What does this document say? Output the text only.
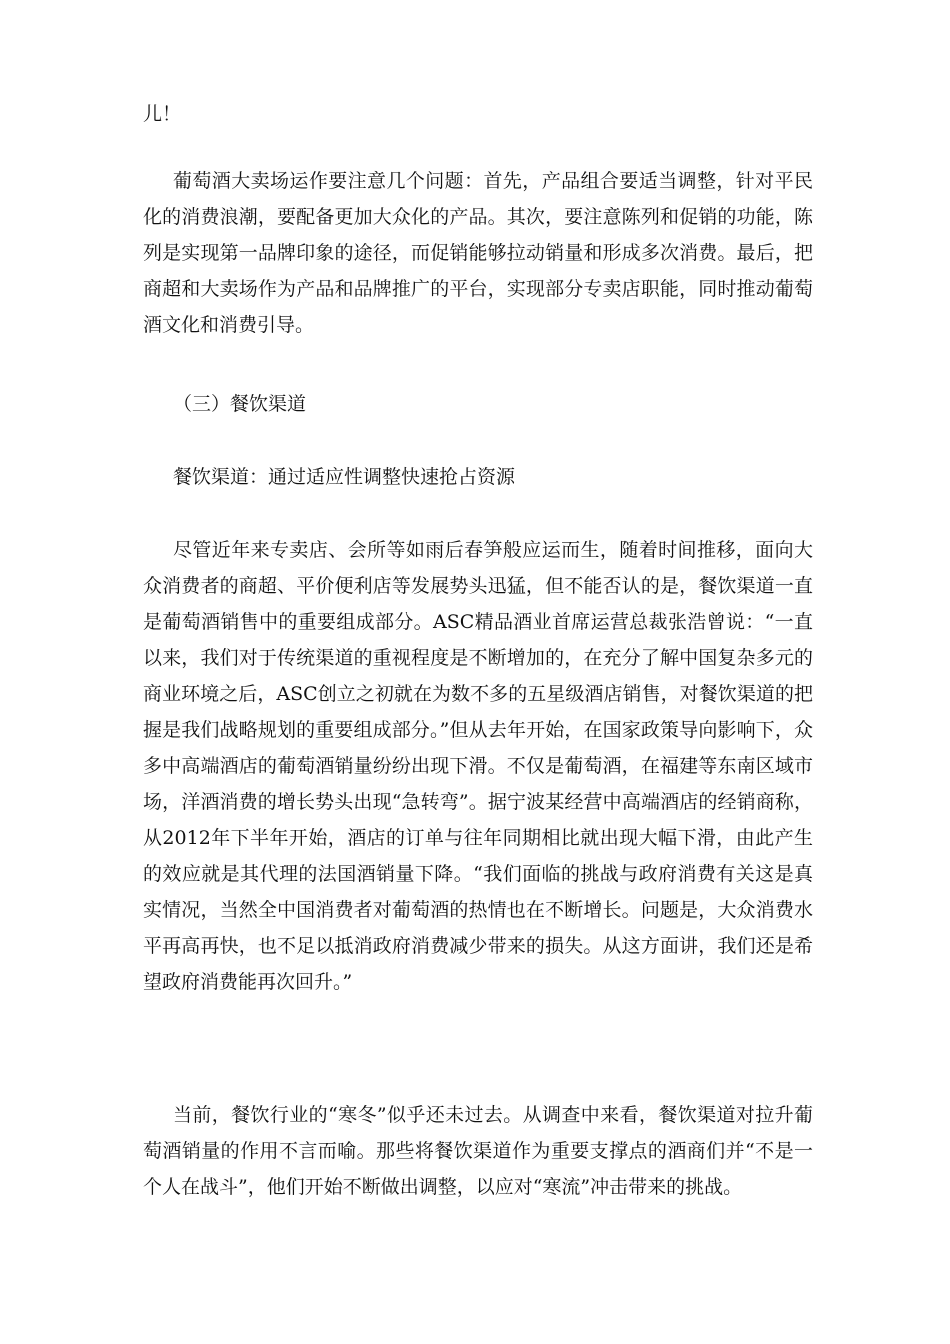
儿！

葡萄酒大卖场运作要注意几个问题：首先，产品组合要适当调整，针对平民化的消费浪潮，要配备更加大众化的产品。其次，要注意陈列和促销的功能，陈列是实现第一品牌印象的途径，而促销能够拉动销量和形成多次消费。最后，把商超和大卖场作为产品和品牌推广的平台，实现部分专卖店职能，同时推动葡萄酒文化和消费引导。

（三）餐饮渠道

餐饮渠道：通过适应性调整快速抢占资源

尽管近年来专卖店、会所等如雨后春笋般应运而生，随着时间推移，面向大众消费者的商超、平价便利店等发展势头迅猛，但不能否认的是，餐饮渠道一直是葡萄酒销售中的重要组成部分。ASC精品酒业首席运营总裁张浩曾说：“一直以来，我们对于传统渠道的重视程度是不断增加的，在充分了解中国复杂多元的商业环境之后，ASC创立之初就在为数不多的五星级酒店销售，对餐饮渠道的把握是我们战略规划的重要组成部分。”但从去年开始，在国家政策导向影响下，众多中高端酒店的葡萄酒销量纷纷出现下滑。不仅是葡萄酒，在福建等东南区域市场，洋酒消费的增长势头出现“急转弯”。据宁波某经营中高端酒店的经销商称，从2012年下半年开始，酒店的订单与往年同期相比就出现大幅下滑，由此产生的效应就是其代理的法国酒销量下降。“我们面临的挑战与政府消费有关这是真实情况，当然全中国消费者对葡萄酒的热情也在不断增长。问题是，大众消费水平再高再快，也不足以抵消政府消费减少带来的损失。从这方面讲，我们还是希望政府消费能再次回升。”

当前，餐饮行业的“寒冬”似乎还未过去。从调查中来看，餐饮渠道对拉升葡萄酒销量的作用不言而喻。那些将餐饮渠道作为重要支撑点的酒商们并“不是一个人在战斗”，他们开始不断做出调整，以应对“寒流”冲击带来的挑战。
